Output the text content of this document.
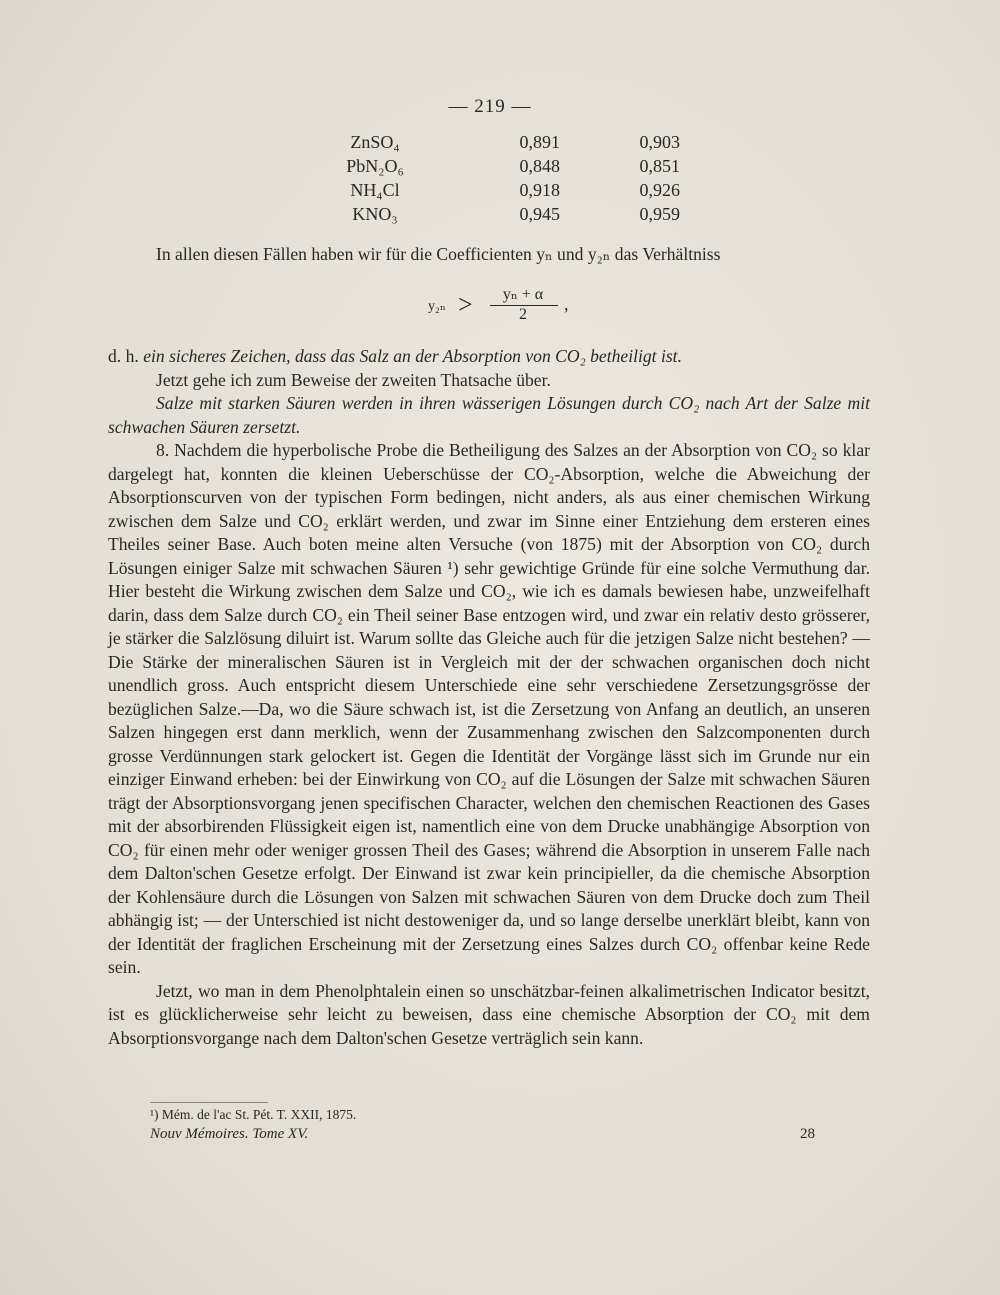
— 219 —
ZnSO₄	0,891	0,903
PbN₂O₆	0,848	0,851
NH₄Cl	0,918	0,926
KNO₃	0,945	0,959

In allen diesen Fällen haben wir für die Coefficienten yₙ und y₂ₙ das Verhältniss

y₂ₙ >	yₙ + α
2
,

d. h. ein sicheres Zeichen, dass das Salz an der Absorption von CO₂ betheiligt ist.

Jetzt gehe ich zum Beweise der zweiten Thatsache über.

Salze mit starken Säuren werden in ihren wässerigen Lösungen durch CO₂ nach Art der Salze mit schwachen Säuren zersetzt.

8. Nachdem die hyperbolische Probe die Betheiligung des Salzes an der Absorption von CO₂ so klar dargelegt hat, konnten die kleinen Ueberschüsse der CO₂-Absorption, welche die Abweichung der Absorptionscurven von der typischen Form bedingen, nicht anders, als aus einer chemischen Wirkung zwischen dem Salze und CO₂ erklärt werden, und zwar im Sinne einer Entziehung dem ersteren eines Theiles seiner Base. Auch boten meine alten Versuche (von 1875) mit der Absorption von CO₂ durch Lösungen einiger Salze mit schwachen Säuren ¹) sehr gewichtige Gründe für eine solche Vermuthung dar. Hier besteht die Wirkung zwischen dem Salze und CO₂, wie ich es damals bewiesen habe, unzweifelhaft darin, dass dem Salze durch CO₂ ein Theil seiner Base entzogen wird, und zwar ein relativ desto grösserer, je stärker die Salzlösung diluirt ist. Warum sollte das Gleiche auch für die jetzigen Salze nicht bestehen? — Die Stärke der mineralischen Säuren ist in Vergleich mit der der schwachen organischen doch nicht unendlich gross. Auch entspricht diesem Unterschiede eine sehr verschiedene Zersetzungsgrösse der bezüglichen Salze.—Da, wo die Säure schwach ist, ist die Zersetzung von Anfang an deutlich, an unseren Salzen hingegen erst dann merklich, wenn der Zusammenhang zwischen den Salzcomponenten durch grosse Verdünnungen stark gelockert ist. Gegen die Identität der Vorgänge lässt sich im Grunde nur ein einziger Einwand erheben: bei der Einwirkung von CO₂ auf die Lösungen der Salze mit schwachen Säuren trägt der Absorptionsvorgang jenen specifischen Character, welchen den chemischen Reactionen des Gases mit der absorbirenden Flüssigkeit eigen ist, namentlich eine von dem Drucke unabhängige Absorption von CO₂ für einen mehr oder weniger grossen Theil des Gases; während die Absorption in unserem Falle nach dem Dalton'schen Gesetze erfolgt. Der Einwand ist zwar kein principieller, da die chemische Absorption der Kohlensäure durch die Lösungen von Salzen mit schwachen Säuren von dem Drucke doch zum Theil abhängig ist; — der Unterschied ist nicht destoweniger da, und so lange derselbe unerklärt bleibt, kann von der Identität der fraglichen Erscheinung mit der Zersetzung eines Salzes durch CO₂ offenbar keine Rede sein.

Jetzt, wo man in dem Phenolphtalein einen so unschätzbar-feinen alkalimetrischen Indicator besitzt, ist es glücklicherweise sehr leicht zu beweisen, dass eine chemische Absorption der CO₂ mit dem Absorptionsvorgange nach dem Dalton'schen Gesetze verträglich sein kann.

¹) Mém. de l'ac St. Pét. T. XXII, 1875.
Nouv Mémoires. Tome XV.	28
